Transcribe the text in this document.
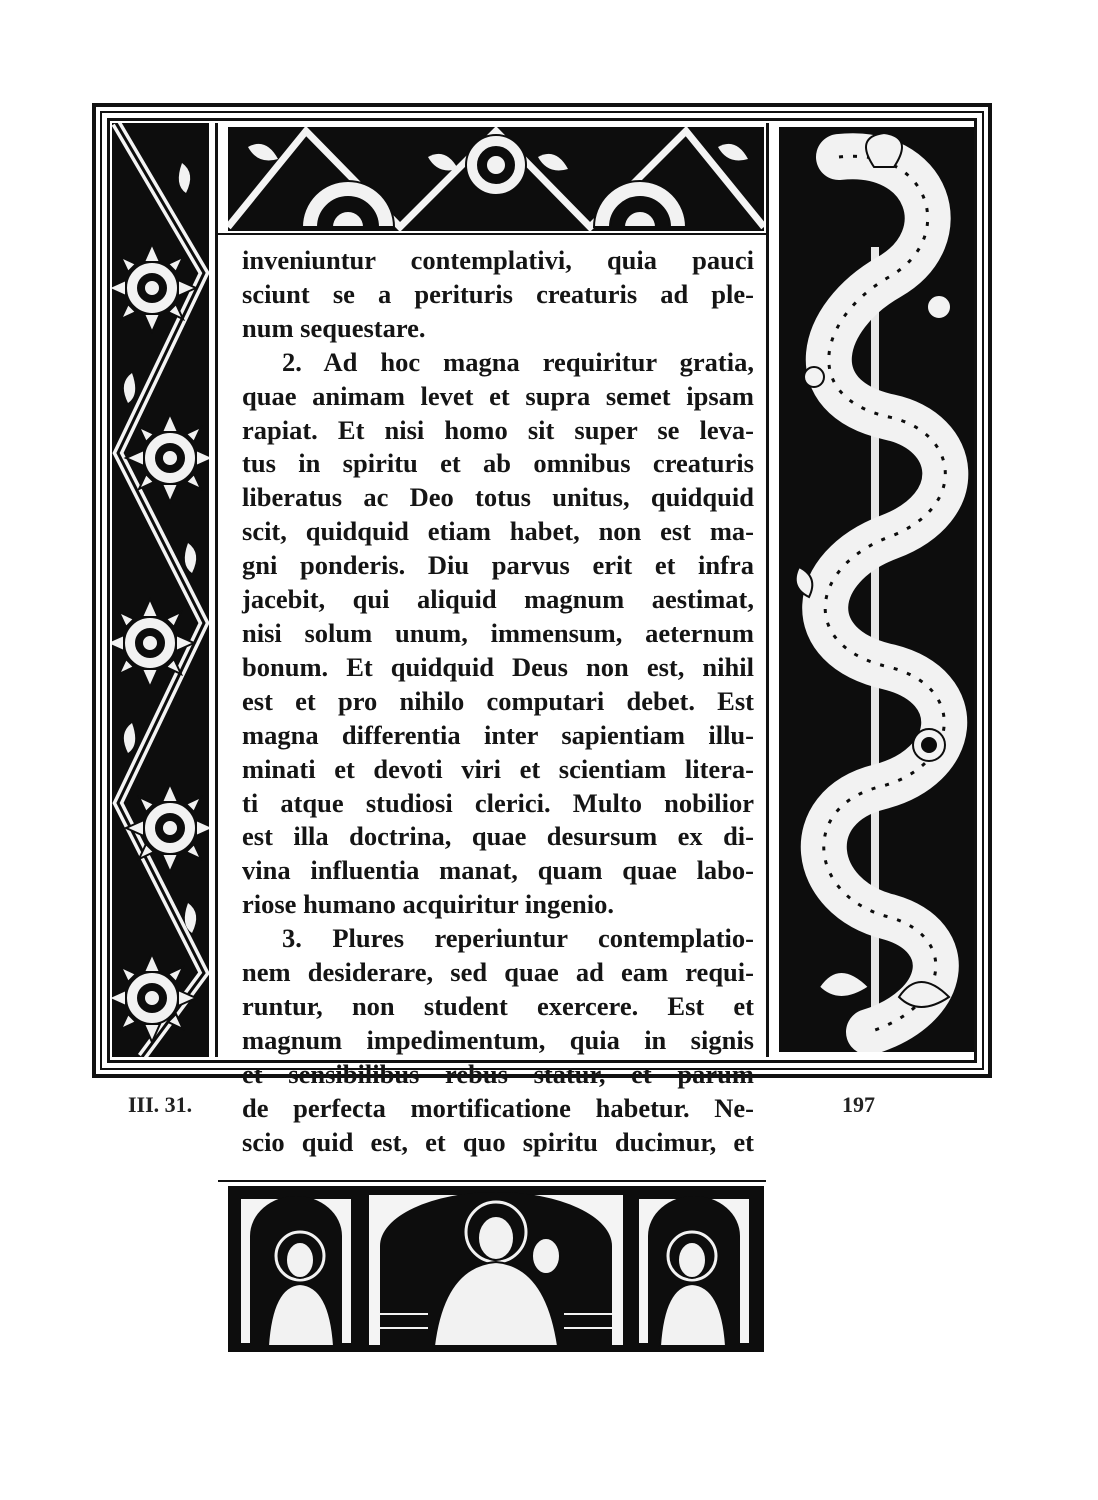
inveniuntur contemplativi, quia pauci
sciunt se a perituris creaturis ad ple-
num sequestare.
2. Ad hoc magna requiritur gratia,
quae animam levet et supra semet ipsam
rapiat. Et nisi homo sit super se leva-
tus in spiritu et ab omnibus creaturis
liberatus ac Deo totus unitus, quidquid
scit, quidquid etiam habet, non est ma-
gni ponderis. Diu parvus erit et infra
jacebit, qui aliquid magnum aestimat,
nisi solum unum, immensum, aeternum
bonum. Et quidquid Deus non est, nihil
est et pro nihilo computari debet. Est
magna differentia inter sapientiam illu-
minati et devoti viri et scientiam litera-
ti atque studiosi clerici. Multo nobilior
est illa doctrina, quae desursum ex di-
vina influentia manat, quam quae labo-
riose humano acquiritur ingenio.
3. Plures reperiuntur contemplatio-
nem desiderare, sed quae ad eam requi-
runtur, non student exercere. Est et
magnum impedimentum, quia in signis
et sensibilibus rebus statur, et parum
de perfecta mortificatione habetur. Ne-
scio quid est, et quo spiritu ducimur, et
III. 31.	197
